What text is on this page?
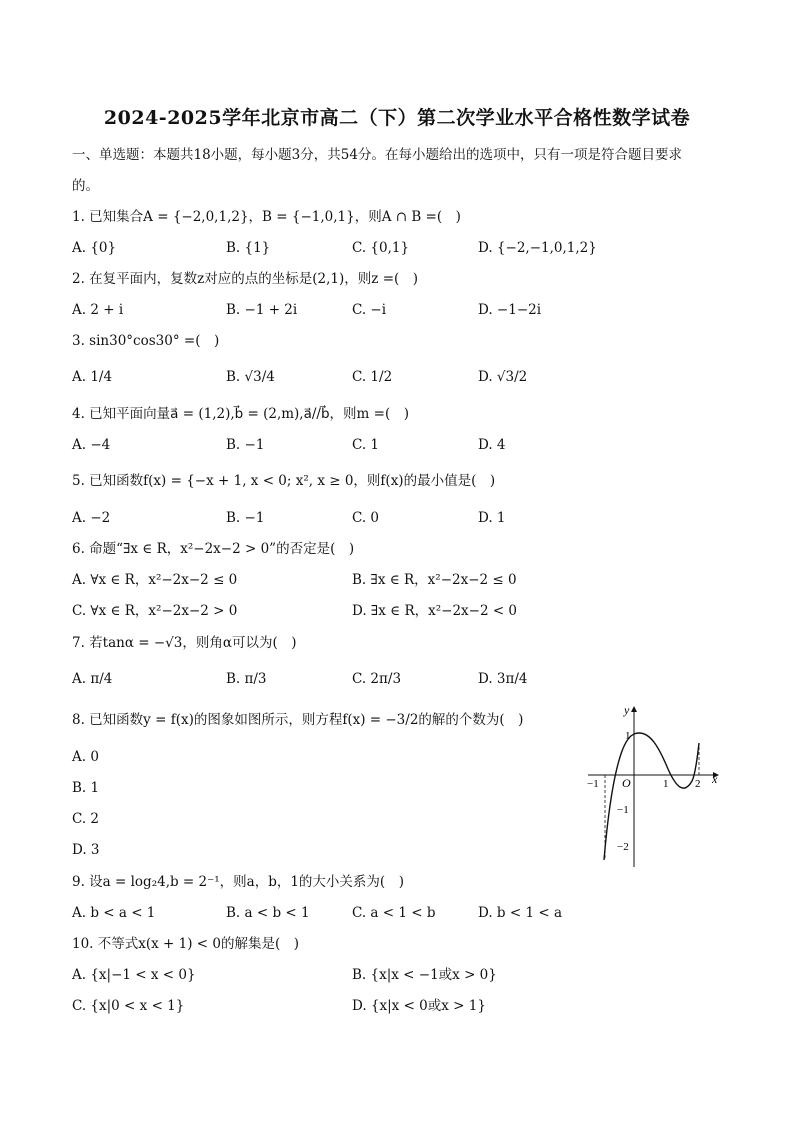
2024-2025学年北京市高二（下）第二次学业水平合格性数学试卷
一、单选题：本题共18小题，每小题3分，共54分。在每小题给出的选项中，只有一项是符合题目要求
的。
1. 已知集合A = {−2,0,1,2}，B = {−1,0,1}，则A ∩ B =(　)
A. {0}	B. {1}	C. {0,1}	D. {−2,−1,0,1,2}
2. 在复平面内，复数z对应的点的坐标是(2,1)，则z =(　)
A. 2 + i	B. −1 + 2i	C. −i	D. −1−2i
3. sin30°cos30° =(　)
A. 1/4	B. √3/4	C. 1/2	D. √3/2
4. 已知平面向量a⃗ = (1,2),b⃗ = (2,m),a⃗//b⃗，则m =(　)
A. −4	B. −1	C. 1	D. 4
5. 已知函数f(x) = {−x + 1, x < 0; x², x ≥ 0，则f(x)的最小值是(　)
A. −2	B. −1	C. 0	D. 1
6. 命题“∃x ∈ R，x²−2x−2 > 0”的否定是(　)
A. ∀x ∈ R，x²−2x−2 ≤ 0	B. ∃x ∈ R，x²−2x−2 ≤ 0
C. ∀x ∈ R，x²−2x−2 > 0	D. ∃x ∈ R，x²−2x−2 < 0
7. 若tanα = −√3，则角α可以为(　)
A. π/4	B. π/3	C. 2π/3	D. 3π/4
8. 已知函数y = f(x)的图象如图所示，则方程f(x) = −3/2的解的个数为(　)
A. 0
B. 1
C. 2
D. 3
y
x
O
−1	1 2
1
−1
−2
9. 设a = log₂4,b = 2⁻¹，则a，b，1的大小关系为(　)
A. b < a < 1	B. a < b < 1	C. a < 1 < b	D. b < 1 < a
10. 不等式x(x + 1) < 0的解集是(　)
A. {x|−1 < x < 0}	B. {x|x < −1或x > 0}
C. {x|0 < x < 1}	D. {x|x < 0或x > 1}
